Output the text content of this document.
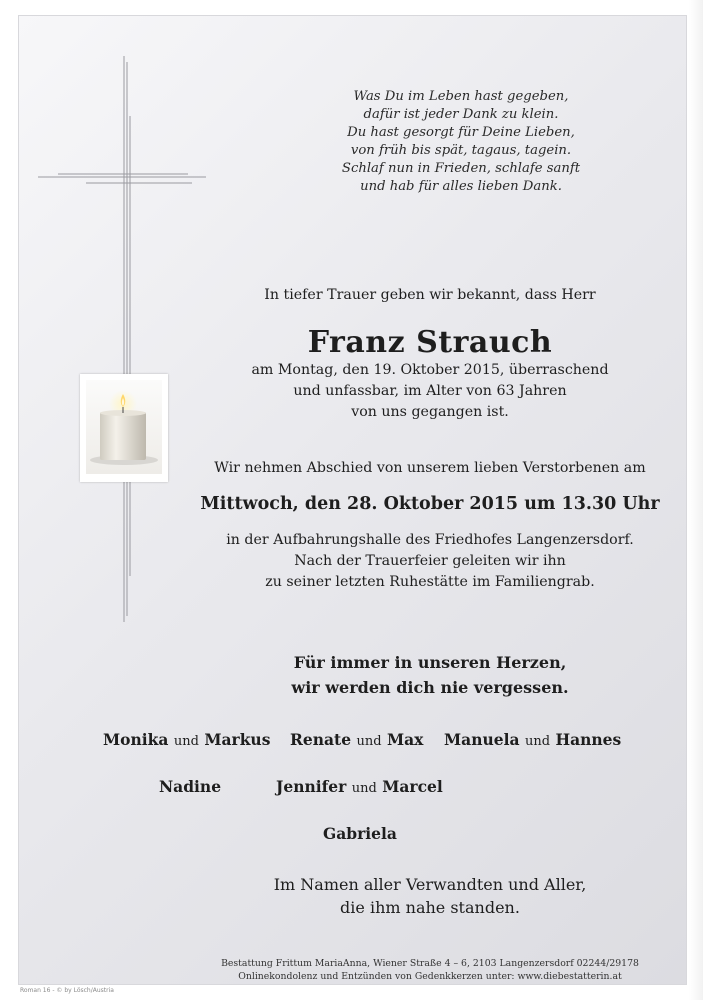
Was Du im Leben hast gegeben,
dafür ist jeder Dank zu klein.
Du hast gesorgt für Deine Lieben,
von früh bis spät, tagaus, tagein.
Schlaf nun in Frieden, schlafe sanft
und hab für alles lieben Dank.
In tiefer Trauer geben wir bekannt, dass Herr
Franz Strauch
am Montag, den 19. Oktober 2015, überraschend
und unfassbar, im Alter von 63 Jahren
von uns gegangen ist.
Wir nehmen Abschied von unserem lieben Verstorbenen am
Mittwoch, den 28. Oktober 2015 um 13.30 Uhr
in der Aufbahrungshalle des Friedhofes Langenzersdorf.
Nach der Trauerfeier geleiten wir ihn
zu seiner letzten Ruhestätte im Familiengrab.
Für immer in unseren Herzen,
wir werden dich nie vergessen.
Monika und Markus Renate und Max Manuela und Hannes
Nadine	Jennifer und Marcel
Gabriela
Im Namen aller Verwandten und Aller,
die ihm nahe standen.
Bestattung Frittum MariaAnna, Wiener Straße 4 – 6, 2103 Langenzersdorf 02244/29178
Onlinekondolenz und Entzünden von Gedenkkerzen unter: www.diebestatterin.at
Roman 16 - © by Lösch/Austria
